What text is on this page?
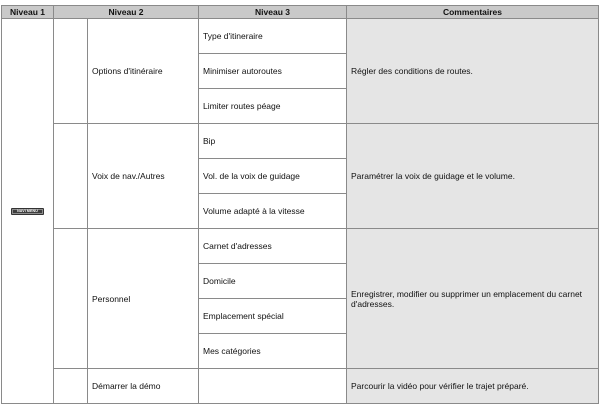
Niveau 1	Niveau 2		Niveau 3	Commentaires
NAVI MENU		Options d'itinéraire	Type d'itineraire	Régler des conditions de routes.
			Minimiser autoroutes	
			Limiter routes péage	
		Voix de nav./Autres	Bip	Paramétrer la voix de guidage et le volume.
			Vol. de la voix de guidage	
			Volume adapté à la vitesse	
		Personnel	Carnet d'adresses	Enregistrer, modifier ou supprimer un emplacement du carnet d'adresses.
			Domicile	
			Emplacement spécial	
			Mes catégories	
		Démarrer la démo		Parcourir la vidéo pour vérifier le trajet préparé.
